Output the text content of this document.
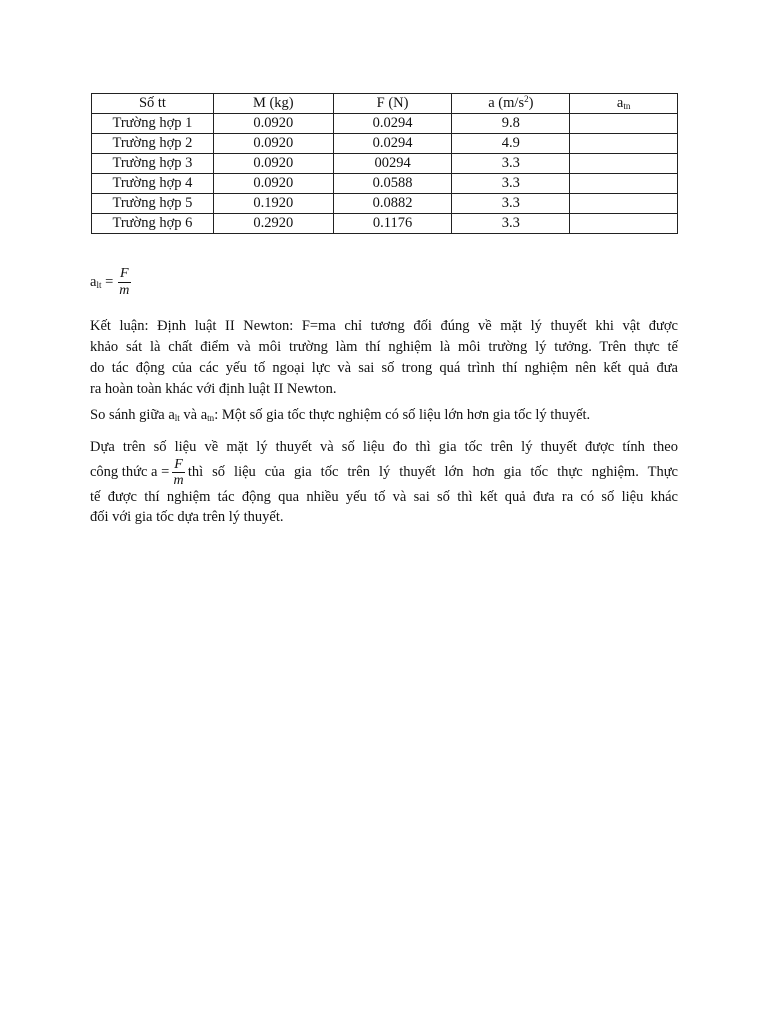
Số tt	M (kg)	F (N)	a $(m/s^2)$	$a_{tn}$
Trường hợp 1	0.0920	0.0294	9.8	
Trường hợp 2	0.0920	0.0294	4.9	
Trường hợp 3	0.0920	00294	3.3	
Trường hợp 4	0.0920	0.0588	3.3	
Trường hợp 5	0.1920	0.0882	3.3	
Trường hợp 6	0.2920	0.1176	3.3	
$a_{lt} = \frac{F}{m}$

Kết luận: Định luật II Newton: F=ma chỉ tương đối đúng về mặt lý thuyết khi vật được
khảo sát là chất điểm và môi trường làm thí nghiệm là môi trường lý tưởng. Trên thực tế
do tác động của các yếu tố ngoại lực và sai số trong quá trình thí nghiệm nên kết quả đưa
ra hoàn toàn khác với định luật II Newton.

So sánh giữa $a_{lt}$ và $a_{tn}$: Một số gia tốc thực nghiệm có số liệu lớn hơn gia tốc lý thuyết.

Dựa trên số liệu về mặt lý thuyết và số liệu đo thì gia tốc trên lý thuyết được tính theo
công thức $a = \frac{F}{m}$ thì số liệu của gia tốc trên lý thuyết lớn hơn gia tốc thực nghiệm. Thực
tế được thí nghiệm tác động qua nhiều yếu tố và sai số thì kết quả đưa ra có số liệu khác
đối với gia tốc dựa trên lý thuyết.
